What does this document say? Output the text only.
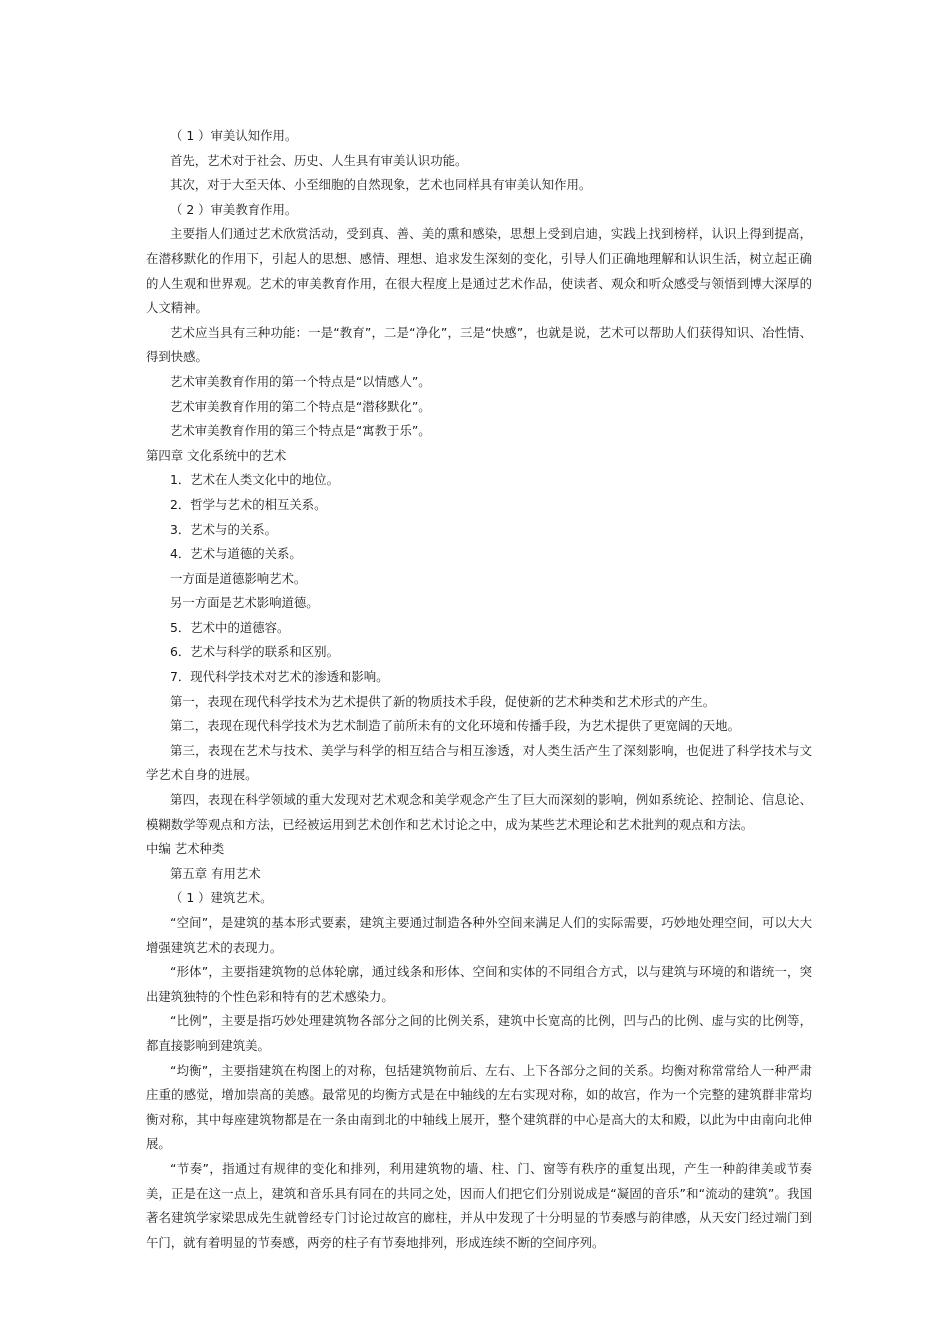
（ 1 ）审美认知作用。

首先，艺术对于社会、历史、人生具有审美认识功能。

其次，对于大至天体、小至细胞的自然现象，艺术也同样具有审美认知作用。

（ 2 ）审美教育作用。

主要指人们通过艺术欣赏活动，受到真、善、美的熏和感染，思想上受到启迪，实践上找到榜样，认识上得到提高，在潜移默化的作用下，引起人的思想、感情、理想、追求发生深刻的变化，引导人们正确地理解和认识生活，树立起正确的人生观和世界观。艺术的审美教育作用，在很大程度上是通过艺术作品，使读者、观众和听众感受与领悟到博大深厚的人文精神。

艺术应当具有三种功能：一是“教育”，二是“净化”，三是“快感”，也就是说，艺术可以帮助人们获得知识、冶性情、得到快感。

艺术审美教育作用的第一个特点是“以情感人”。

艺术审美教育作用的第二个特点是“潜移默化”。

艺术审美教育作用的第三个特点是“寓教于乐”。

第四章 文化系统中的艺术

1．艺术在人类文化中的地位。

2．哲学与艺术的相互关系。

3．艺术与的关系。

4．艺术与道德的关系。

一方面是道德影响艺术。

另一方面是艺术影响道德。

5．艺术中的道德容。

6．艺术与科学的联系和区别。

7．现代科学技术对艺术的渗透和影响。

第一，表现在现代科学技术为艺术提供了新的物质技术手段，促使新的艺术种类和艺术形式的产生。

第二，表现在现代科学技术为艺术制造了前所未有的文化环境和传播手段，为艺术提供了更宽阔的天地。

第三，表现在艺术与技术、美学与科学的相互结合与相互渗透，对人类生活产生了深刻影响，也促进了科学技术与文学艺术自身的进展。

第四，表现在科学领域的重大发现对艺术观念和美学观念产生了巨大而深刻的影响，例如系统论、控制论、信息论、模糊数学等观点和方法，已经被运用到艺术创作和艺术讨论之中，成为某些艺术理论和艺术批判的观点和方法。

中编 艺术种类

第五章 有用艺术

（ 1 ）建筑艺术。

“空间”，是建筑的基本形式要素，建筑主要通过制造各种外空间来满足人们的实际需要，巧妙地处理空间，可以大大增强建筑艺术的表现力。

“形体”，主要指建筑物的总体轮廓，通过线条和形体、空间和实体的不同组合方式，以与建筑与环境的和谐统一，突出建筑独特的个性色彩和特有的艺术感染力。

“比例”，主要是指巧妙处理建筑物各部分之间的比例关系，建筑中长宽高的比例，凹与凸的比例、虚与实的比例等，都直接影响到建筑美。

“均衡”，主要指建筑在构图上的对称，包括建筑物前后、左右、上下各部分之间的关系。均衡对称常常给人一种严肃庄重的感觉，增加崇高的美感。最常见的均衡方式是在中轴线的左右实现对称，如的故宫，作为一个完整的建筑群非常均衡对称，其中每座建筑物都是在一条由南到北的中轴线上展开，整个建筑群的中心是高大的太和殿，以此为中由南向北伸展。

“节奏”，指通过有规律的变化和排列，利用建筑物的墙、柱、门、窗等有秩序的重复出现，产生一种韵律美或节奏美，正是在这一点上，建筑和音乐具有同在的共同之处，因而人们把它们分别说成是“凝固的音乐”和“流动的建筑”。我国著名建筑学家梁思成先生就曾经专门讨论过故宫的廊柱，并从中发现了十分明显的节奏感与韵律感，从天安门经过端门到午门，就有着明显的节奏感，两旁的柱子有节奏地排列，形成连续不断的空间序列。
